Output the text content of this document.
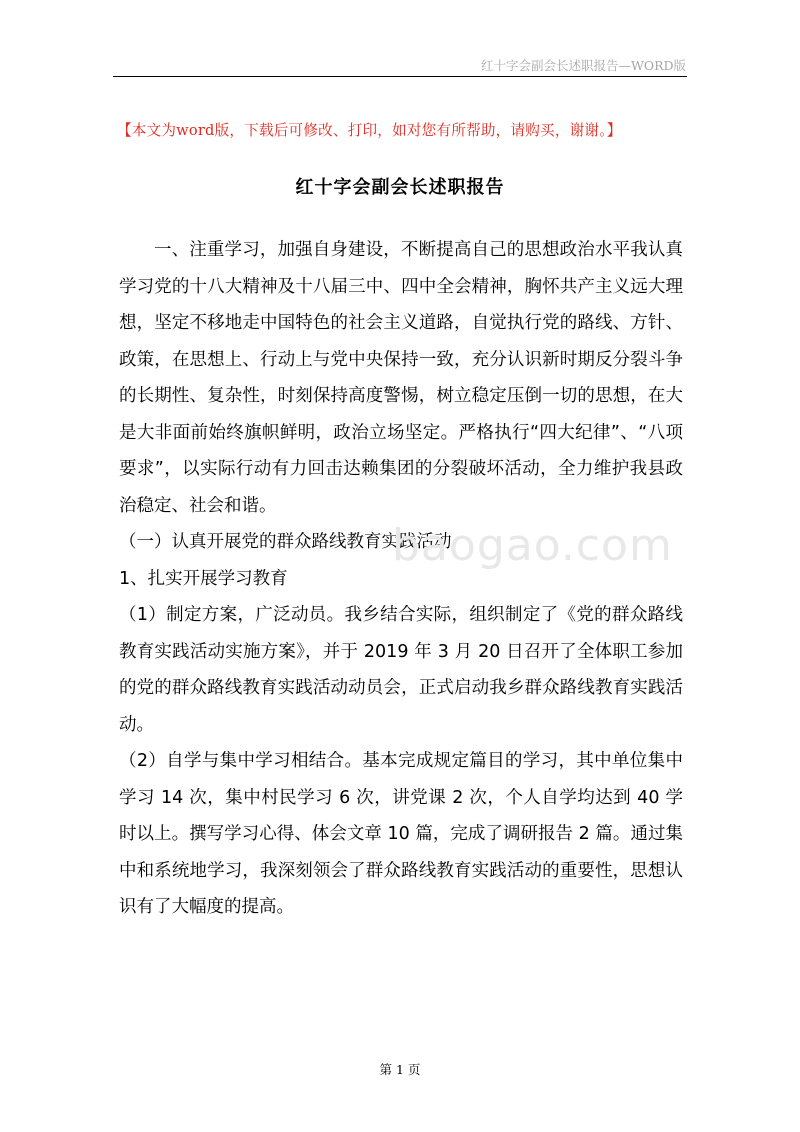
红十字会副会长述职报告—WORD版
【本文为word版，下载后可修改、打印，如对您有所帮助，请购买，谢谢。】
红十字会副会长述职报告

一、注重学习，加强自身建设，不断提高自己的思想政治水平我认真学习党的十八大精神及十八届三中、四中全会精神，胸怀共产主义远大理想，坚定不移地走中国特色的社会主义道路，自觉执行党的路线、方针、政策，在思想上、行动上与党中央保持一致，充分认识新时期反分裂斗争的长期性、复杂性，时刻保持高度警惕，树立稳定压倒一切的思想，在大是大非面前始终旗帜鲜明，政治立场坚定。严格执行“四大纪律”、“八项要求”，以实际行动有力回击达赖集团的分裂破坏活动，全力维护我县政治稳定、社会和谐。

（一）认真开展党的群众路线教育实践活动

1、扎实开展学习教育

（1）制定方案，广泛动员。我乡结合实际，组织制定了《党的群众路线教育实践活动实施方案》，并于 2019 年 3 月 20 日召开了全体职工参加的党的群众路线教育实践活动动员会，正式启动我乡群众路线教育实践活动。

（2）自学与集中学习相结合。基本完成规定篇目的学习，其中单位集中学习 14 次，集中村民学习 6 次，讲党课 2 次，个人自学均达到 40 学时以上。撰写学习心得、体会文章 10 篇，完成了调研报告 2 篇。通过集中和系统地学习，我深刻领会了群众路线教育实践活动的重要性，思想认识有了大幅度的提高。

baogao.com
第 1 页
